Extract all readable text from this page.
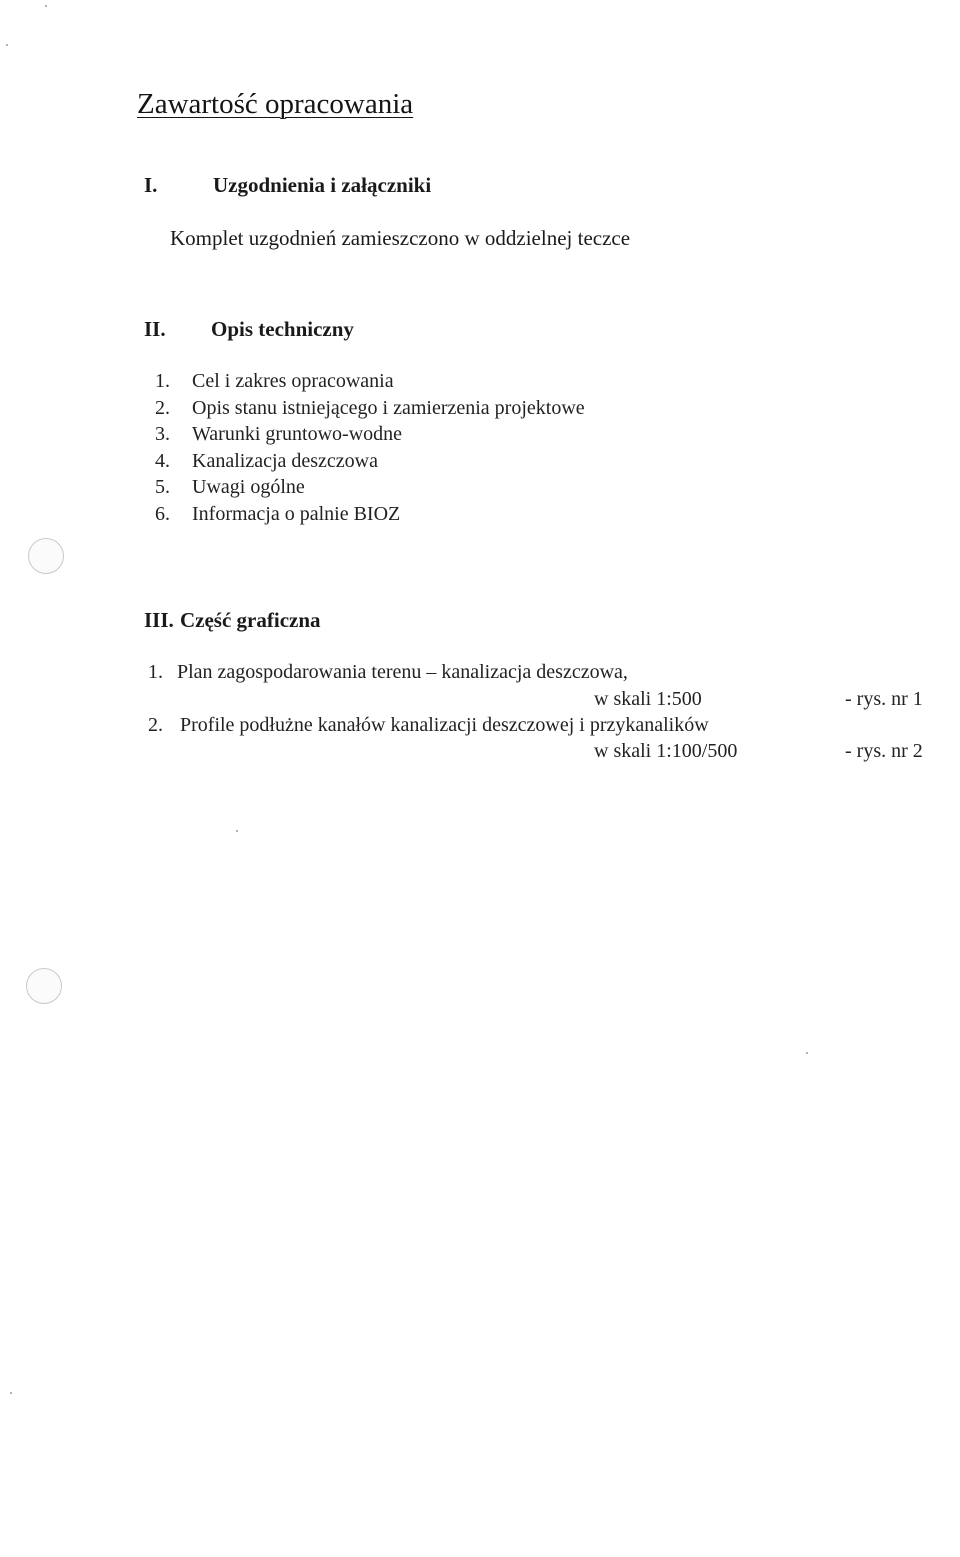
Zawartość opracowania
I.	Uzgodnienia i załączniki
Komplet uzgodnień zamieszczono w oddzielnej teczce
II. Opis techniczny
1. Cel i zakres opracowania
2. Opis stanu istniejącego i zamierzenia projektowe
3. Warunki gruntowo-wodne
4. Kanalizacja deszczowa
5. Uwagi ogólne
6. Informacja o palnie BIOZ
III. Część graficzna
1. Plan zagospodarowania terenu – kanalizacja deszczowa,
w skali 1:500	- rys. nr 1
2. Profile podłużne kanałów kanalizacji deszczowej i przykanalików
w skali 1:100/500	- rys. nr 2
